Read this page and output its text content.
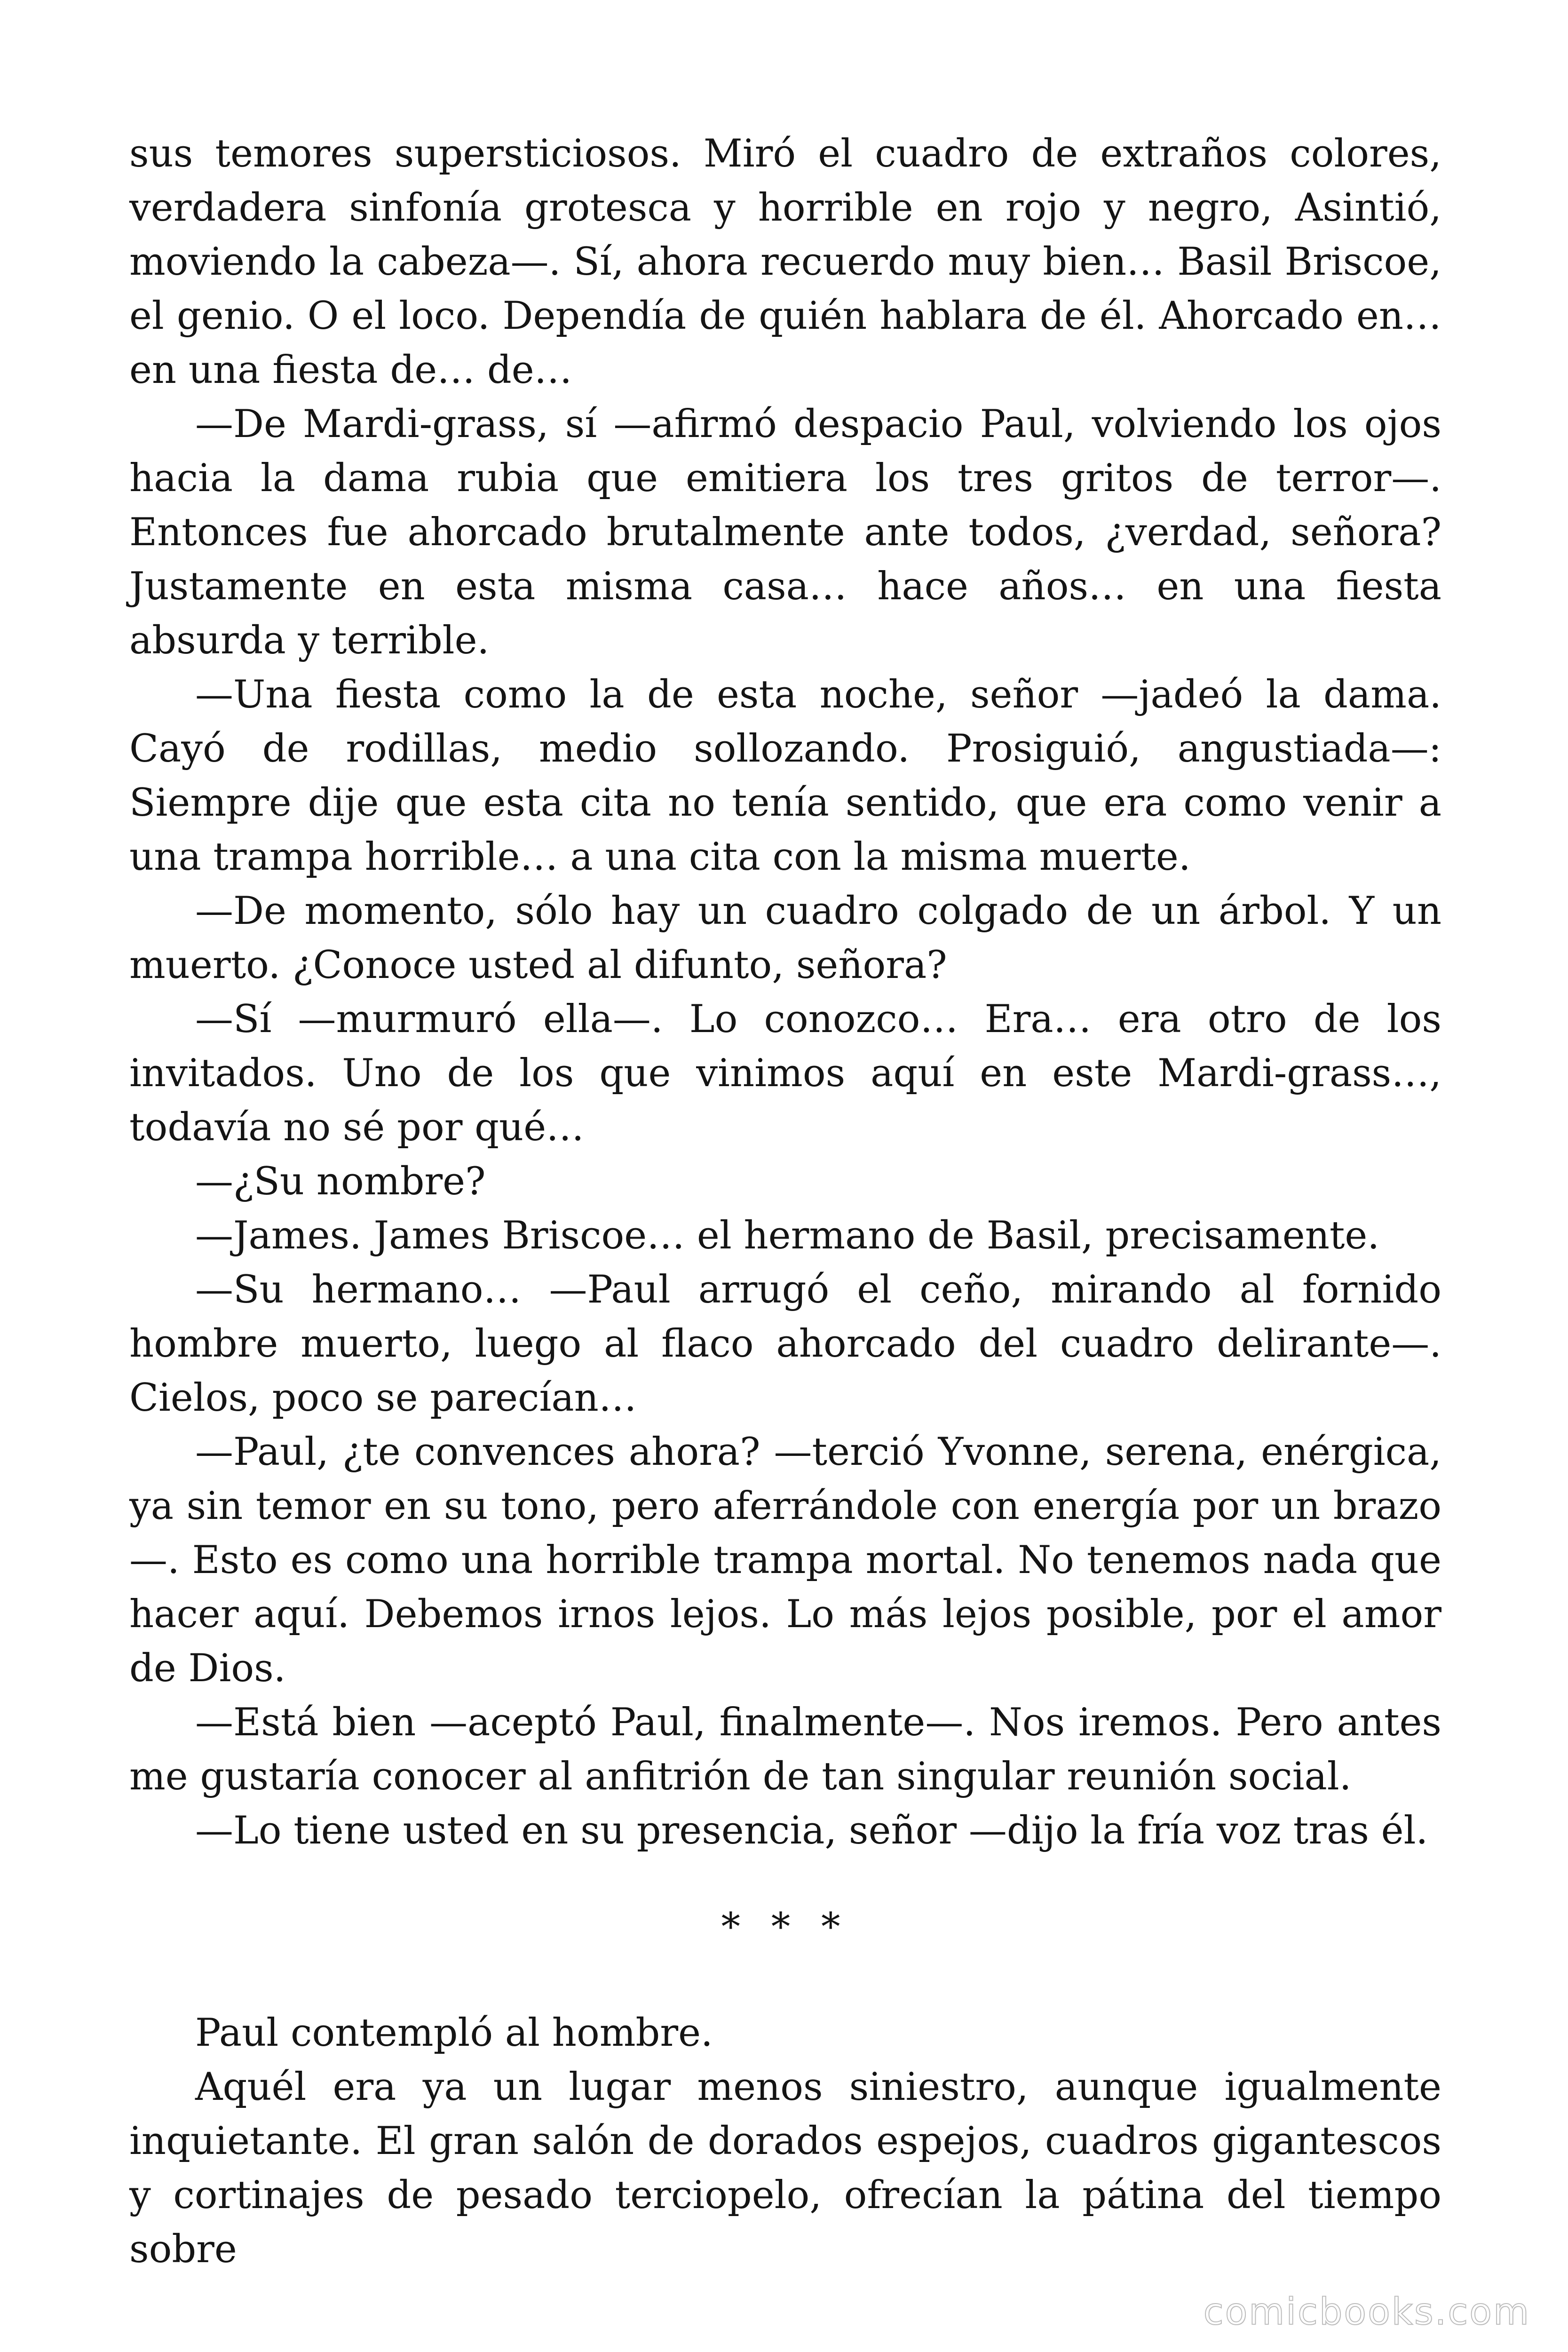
sus temores supersticiosos. Miró el cuadro de extraños colores, verdadera sinfonía grotesca y horrible en rojo y negro, Asintió, moviendo la cabeza—. Sí, ahora recuerdo muy bien… Basil Briscoe, el genio. O el loco. Dependía de quién hablara de él. Ahorcado en… en una fiesta de… de…

—De Mardi-grass, sí —afirmó despacio Paul, volviendo los ojos hacia la dama rubia que emitiera los tres gritos de terror—. Entonces fue ahorcado brutalmente ante todos, ¿verdad, señora? Justamente en esta misma casa… hace años… en una fiesta absurda y terrible.

—Una fiesta como la de esta noche, señor —jadeó la dama. Cayó de rodillas, medio sollozando. Prosiguió, angustiada—: Siempre dije que esta cita no tenía sentido, que era como venir a una trampa horrible… a una cita con la misma muerte.

—De momento, sólo hay un cuadro colgado de un árbol. Y un muerto. ¿Conoce usted al difunto, señora?

—Sí —murmuró ella—. Lo conozco… Era… era otro de los invitados. Uno de los que vinimos aquí en este Mardi-grass…, todavía no sé por qué…

—¿Su nombre?

—James. James Briscoe… el hermano de Basil, precisamente.

—Su hermano… —Paul arrugó el ceño, mirando al fornido hombre muerto, luego al flaco ahorcado del cuadro delirante—. Cielos, poco se parecían…

—Paul, ¿te convences ahora? —terció Yvonne, serena, enérgica, ya sin temor en su tono, pero aferrándole con energía por un brazo —. Esto es como una horrible trampa mortal. No tenemos nada que hacer aquí. Debemos irnos lejos. Lo más lejos posible, por el amor de Dios.

—Está bien —aceptó Paul, finalmente—. Nos iremos. Pero antes me gustaría conocer al anfitrión de tan singular reunión social.

—Lo tiene usted en su presencia, señor —dijo la fría voz tras él.

* * *

Paul contempló al hombre.

Aquél era ya un lugar menos siniestro, aunque igualmente inquietante. El gran salón de dorados espejos, cuadros gigantescos y cortinajes de pesado terciopelo, ofrecían la pátina del tiempo sobre

comicbooks.com
